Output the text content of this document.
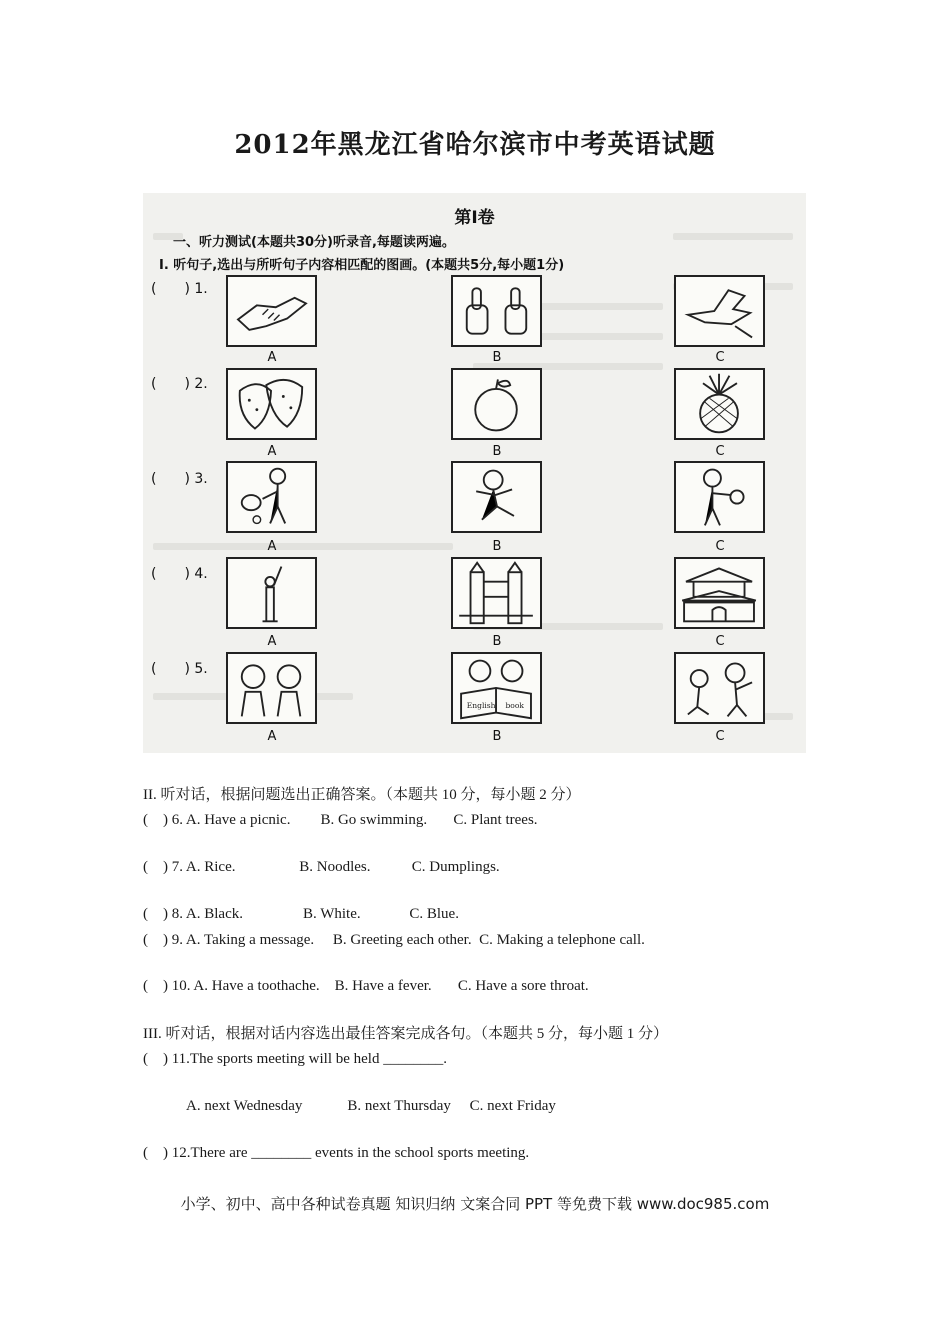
2012年黑龙江省哈尔滨市中考英语试题
第Ⅰ卷
一、听力测试(本题共30分)听录音,每题读两遍。
I. 听句子,选出与所听句子内容相匹配的图画。(本题共5分,每小题1分)
(　　) 1.
A	B	C
(　　) 2.
A	B	C
(　　) 3.
A	B	C
(　　) 4.
A	B	C
(　　) 5.
English book
A	B	C
II. 听对话，根据问题选出正确答案。（本题共 10 分，每小题 2 分）
(    ) 6. A. Have a picnic.        B. Go swimming.       C. Plant trees.
(    ) 7. A. Rice.                 B. Noodles.           C. Dumplings.
(    ) 8. A. Black.                B. White.             C. Blue.
(    ) 9. A. Taking a message.     B. Greeting each other.  C. Making a telephone call.
(    ) 10. A. Have a toothache.    B. Have a fever.       C. Have a sore throat.
III. 听对话，根据对话内容选出最佳答案完成各句。（本题共 5 分，每小题 1 分）
(    ) 11.The sports meeting will be held ________.
A. next Wednesday            B. next Thursday     C. next Friday
(    ) 12.There are ________ events in the school sports meeting.
小学、初中、高中各种试卷真题 知识归纳 文案合同 PPT 等免费下载 www.doc985.com
